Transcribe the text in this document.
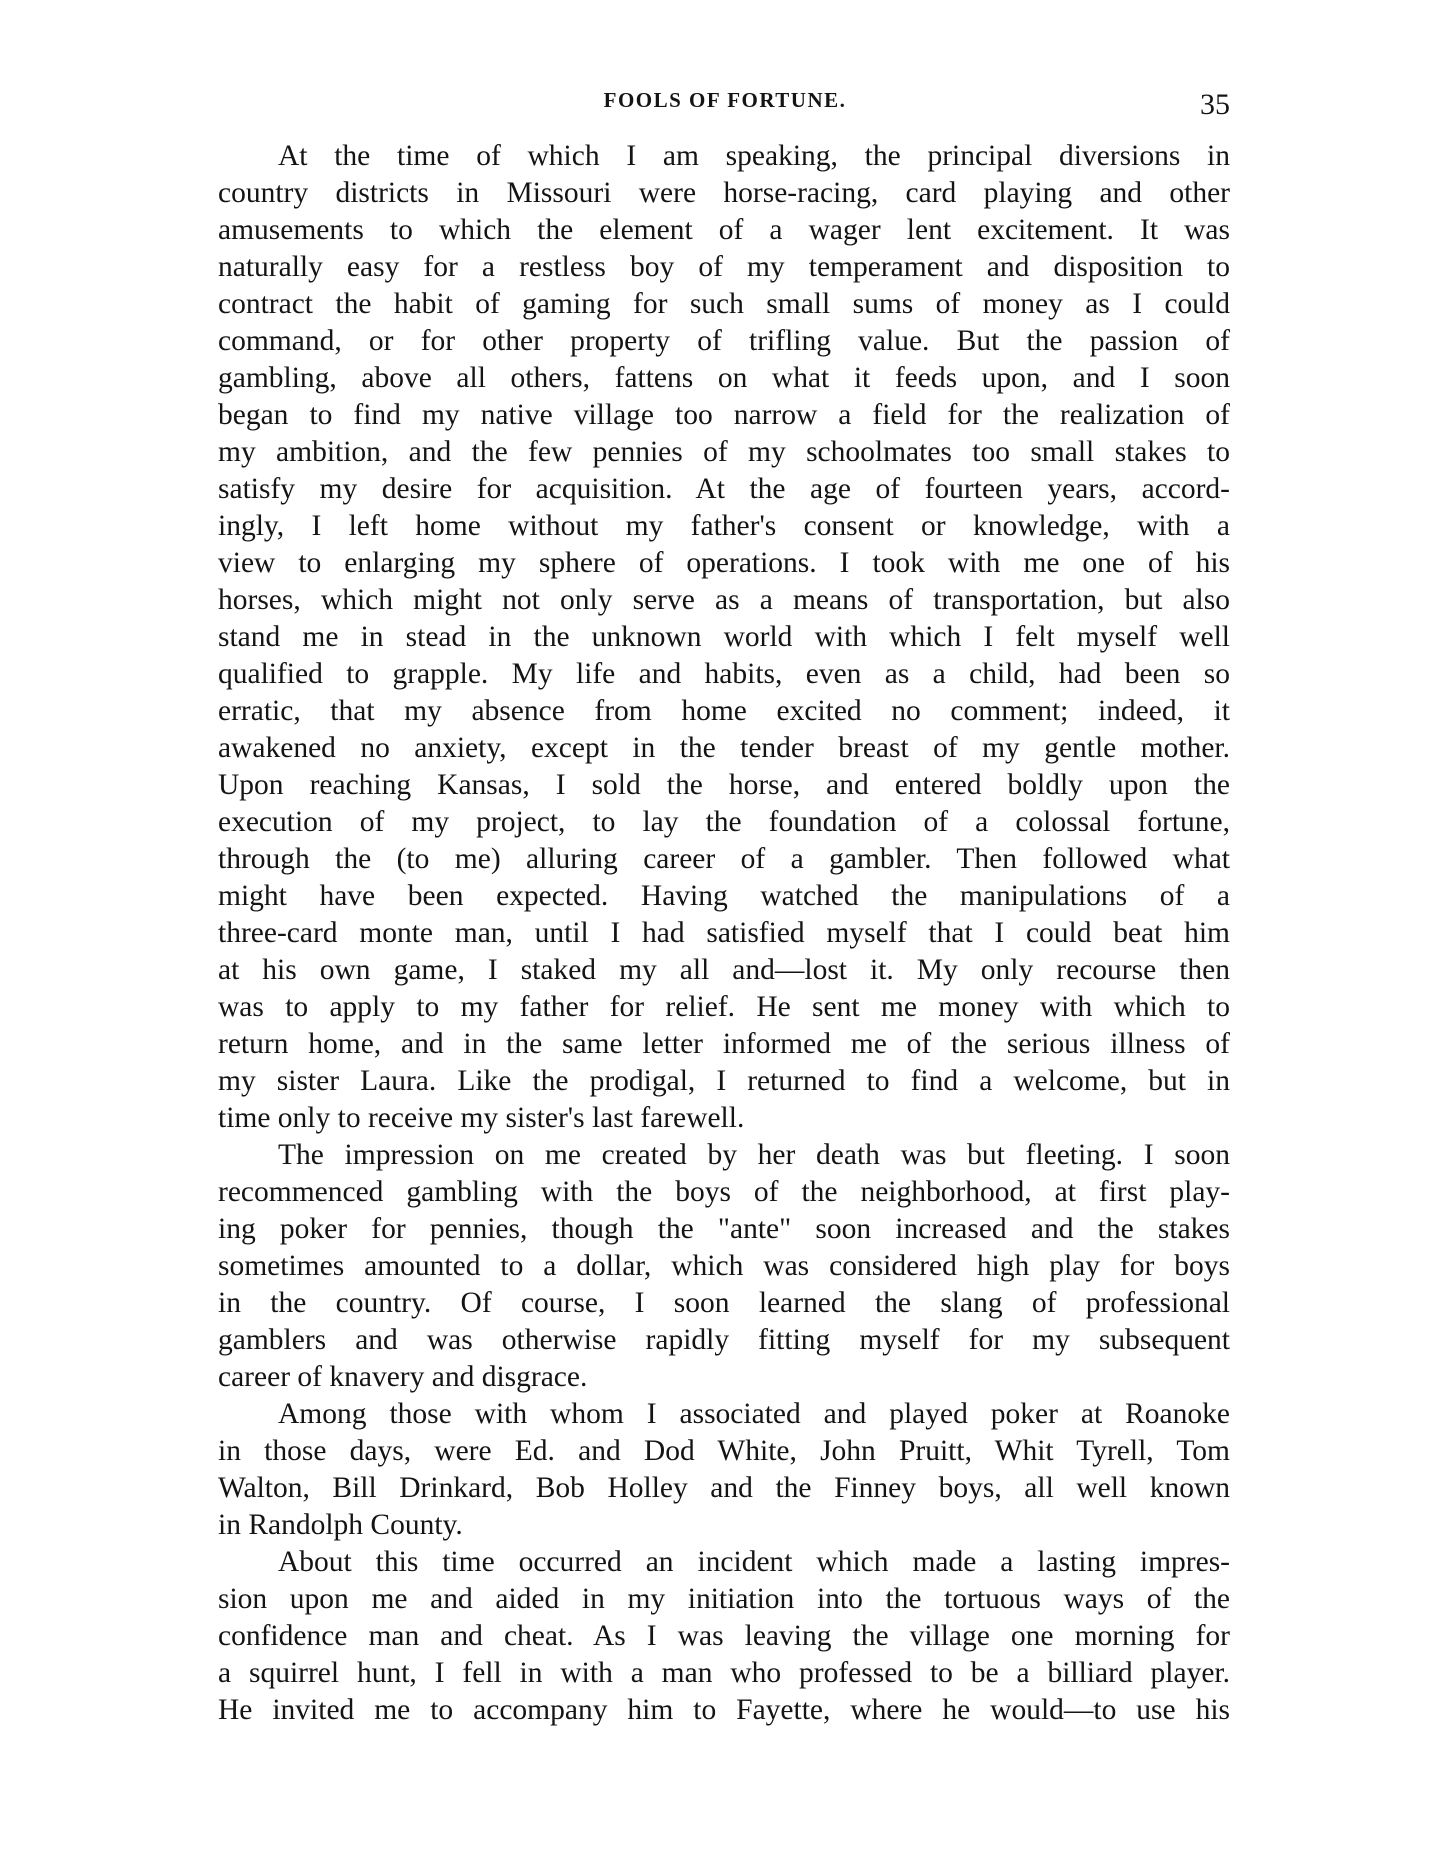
FOOLS OF FORTUNE.	35
At the time of which I am speaking, the principal diversions in
country districts in Missouri were horse-racing, card playing and other
amusements to which the element of a wager lent excitement. It was
naturally easy for a restless boy of my temperament and disposition to
contract the habit of gaming for such small sums of money as I could
command, or for other property of trifling value. But the passion of
gambling, above all others, fattens on what it feeds upon, and I soon
began to find my native village too narrow a field for the realization of
my ambition, and the few pennies of my schoolmates too small stakes to
satisfy my desire for acquisition. At the age of fourteen years, accord-
ingly, I left home without my father's consent or knowledge, with a
view to enlarging my sphere of operations. I took with me one of his
horses, which might not only serve as a means of transportation, but also
stand me in stead in the unknown world with which I felt myself well
qualified to grapple. My life and habits, even as a child, had been so
erratic, that my absence from home excited no comment; indeed, it
awakened no anxiety, except in the tender breast of my gentle mother.
Upon reaching Kansas, I sold the horse, and entered boldly upon the
execution of my project, to lay the foundation of a colossal fortune,
through the (to me) alluring career of a gambler. Then followed what
might have been expected. Having watched the manipulations of a
three-card monte man, until I had satisfied myself that I could beat him
at his own game, I staked my all and—lost it. My only recourse then
was to apply to my father for relief. He sent me money with which to
return home, and in the same letter informed me of the serious illness of
my sister Laura. Like the prodigal, I returned to find a welcome, but in
time only to receive my sister's last farewell.
The impression on me created by her death was but fleeting. I soon
recommenced gambling with the boys of the neighborhood, at first play-
ing poker for pennies, though the "ante" soon increased and the stakes
sometimes amounted to a dollar, which was considered high play for boys
in the country. Of course, I soon learned the slang of professional
gamblers and was otherwise rapidly fitting myself for my subsequent
career of knavery and disgrace.
Among those with whom I associated and played poker at Roanoke
in those days, were Ed. and Dod White, John Pruitt, Whit Tyrell, Tom
Walton, Bill Drinkard, Bob Holley and the Finney boys, all well known
in Randolph County.
About this time occurred an incident which made a lasting impres-
sion upon me and aided in my initiation into the tortuous ways of the
confidence man and cheat. As I was leaving the village one morning for
a squirrel hunt, I fell in with a man who professed to be a billiard player.
He invited me to accompany him to Fayette, where he would—to use his
